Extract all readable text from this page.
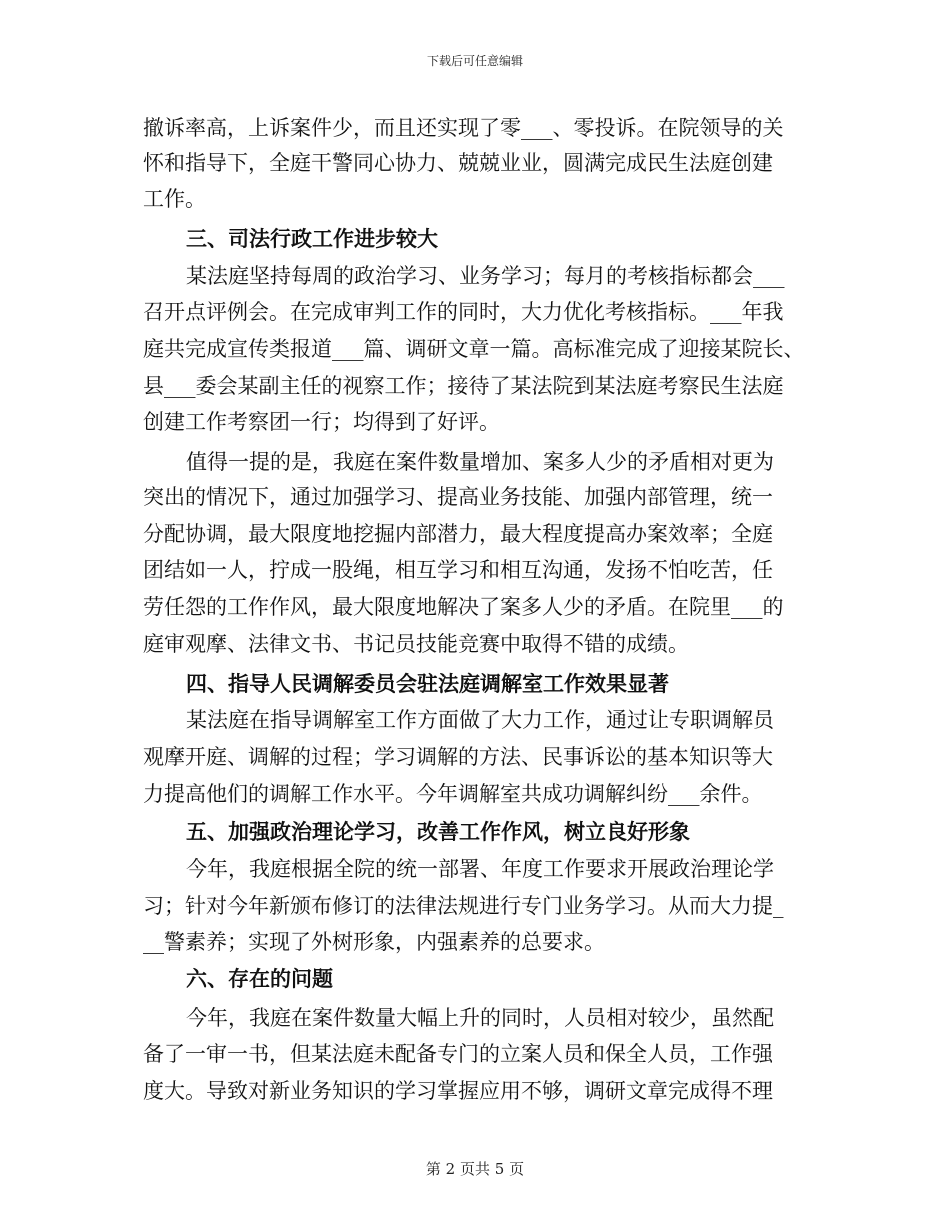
下载后可任意编辑
撤诉率高，上诉案件少，而且还实现了零___、零投诉。在院领导的关
怀和指导下，全庭干警同心协力、兢兢业业，圆满完成民生法庭创建
工作。
三、司法行政工作进步较大
某法庭坚持每周的政治学习、业务学习；每月的考核指标都会___
召开点评例会。在完成审判工作的同时，大力优化考核指标。___年我
庭共完成宣传类报道___篇、调研文章一篇。高标准完成了迎接某院长、
县___委会某副主任的视察工作；接待了某法院到某法庭考察民生法庭
创建工作考察团一行；均得到了好评。
值得一提的是，我庭在案件数量增加、案多人少的矛盾相对更为
突出的情况下，通过加强学习、提高业务技能、加强内部管理，统一
分配协调，最大限度地挖掘内部潜力，最大程度提高办案效率；全庭
团结如一人，拧成一股绳，相互学习和相互沟通，发扬不怕吃苦，任
劳任怨的工作作风，最大限度地解决了案多人少的矛盾。在院里___的
庭审观摩、法律文书、书记员技能竞赛中取得不错的成绩。
四、指导人民调解委员会驻法庭调解室工作效果显著
某法庭在指导调解室工作方面做了大力工作，通过让专职调解员
观摩开庭、调解的过程；学习调解的方法、民事诉讼的基本知识等大
力提高他们的调解工作水平。今年调解室共成功调解纠纷___余件。
五、加强政治理论学习，改善工作作风，树立良好形象
今年，我庭根据全院的统一部署、年度工作要求开展政治理论学
习；针对今年新颁布修订的法律法规进行专门业务学习。从而大力提_
__警素养；实现了外树形象，内强素养的总要求。
六、存在的问题
今年，我庭在案件数量大幅上升的同时，人员相对较少，虽然配
备了一审一书，但某法庭未配备专门的立案人员和保全人员，工作强
度大。导致对新业务知识的学习掌握应用不够，调研文章完成得不理
第 2 页共 5 页
